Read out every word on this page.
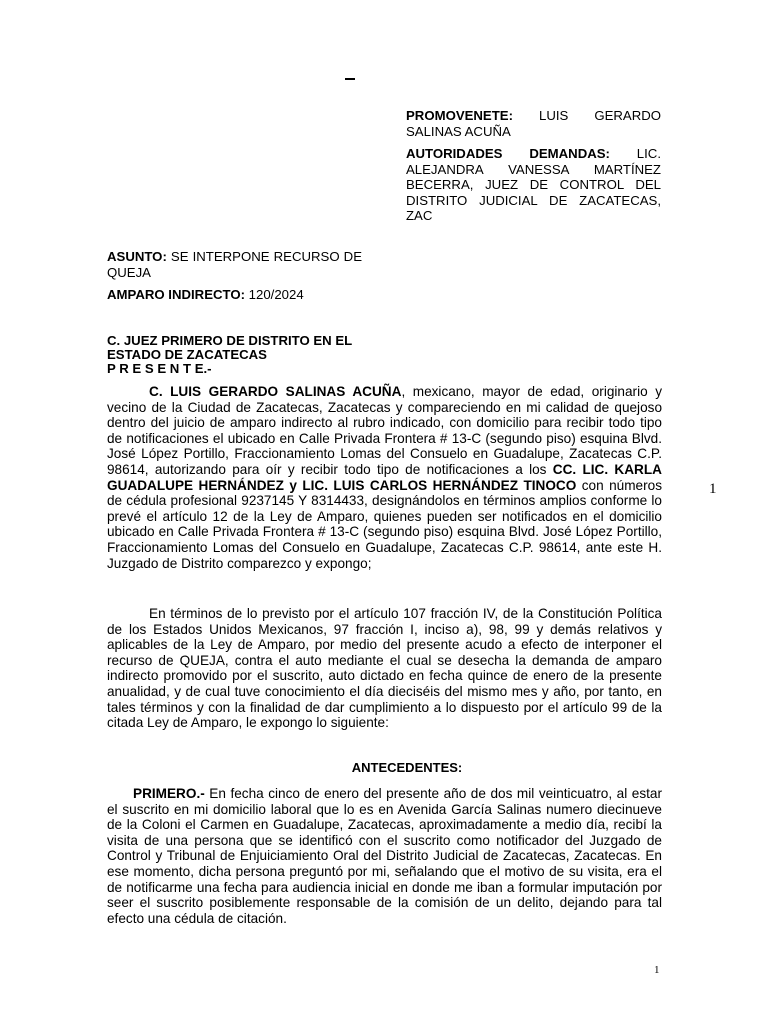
PROMOVENETE: LUIS GERARDO SALINAS ACUÑA
AUTORIDADES DEMANDAS: LIC. ALEJANDRA VANESSA MARTÍNEZ BECERRA, JUEZ DE CONTROL DEL DISTRITO JUDICIAL DE ZACATECAS, ZAC
ASUNTO: SE INTERPONE RECURSO DE QUEJA
AMPARO INDIRECTO: 120/2024
C. JUEZ PRIMERO DE DISTRITO EN EL
ESTADO DE ZACATECAS
P R E S E N T E.-
C. LUIS GERARDO SALINAS ACUÑA, mexicano, mayor de edad, originario y vecino de la Ciudad de Zacatecas, Zacatecas y compareciendo en mi calidad de quejoso dentro del juicio de amparo indirecto al rubro indicado, con domicilio para recibir todo tipo de notificaciones el ubicado en Calle Privada Frontera # 13-C (segundo piso) esquina Blvd. José López Portillo, Fraccionamiento Lomas del Consuelo en Guadalupe, Zacatecas C.P. 98614, autorizando para oír y recibir todo tipo de notificaciones a los CC. LIC. KARLA GUADALUPE HERNÁNDEZ y LIC. LUIS CARLOS HERNÁNDEZ TINOCO con números de cédula profesional 9237145 Y 8314433, designándolos en términos amplios conforme lo prevé el artículo 12 de la Ley de Amparo, quienes pueden ser notificados en el domicilio ubicado en Calle Privada Frontera # 13-C (segundo piso) esquina Blvd. José López Portillo, Fraccionamiento Lomas del Consuelo en Guadalupe, Zacatecas C.P. 98614, ante este H. Juzgado de Distrito comparezco y expongo;
1
En términos de lo previsto por el artículo 107 fracción IV, de la Constitución Política de los Estados Unidos Mexicanos, 97 fracción I, inciso a), 98, 99 y demás relativos y aplicables de la Ley de Amparo, por medio del presente acudo a efecto de interponer el recurso de QUEJA, contra el auto mediante el cual se desecha la demanda de amparo indirecto promovido por el suscrito, auto dictado en fecha quince de enero de la presente anualidad, y de cual tuve conocimiento el día dieciséis del mismo mes y año, por tanto, en tales términos y con la finalidad de dar cumplimiento a lo dispuesto por el artículo 99 de la citada Ley de Amparo, le expongo lo siguiente:
ANTECEDENTES:
PRIMERO.- En fecha cinco de enero del presente año de dos mil veinticuatro, al estar el suscrito en mi domicilio laboral que lo es en Avenida García Salinas numero diecinueve de la Coloni el Carmen en Guadalupe, Zacatecas, aproximadamente a medio día, recibí la visita de una persona que se identificó con el suscrito como notificador del Juzgado de Control y Tribunal de Enjuiciamiento Oral del Distrito Judicial de Zacatecas, Zacatecas. En ese momento, dicha persona preguntó por mi, señalando que el motivo de su visita, era el de notificarme una fecha para audiencia inicial en donde me iban a formular imputación por seer el suscrito posiblemente responsable de la comisión de un delito, dejando para tal efecto una cédula de citación.
1
